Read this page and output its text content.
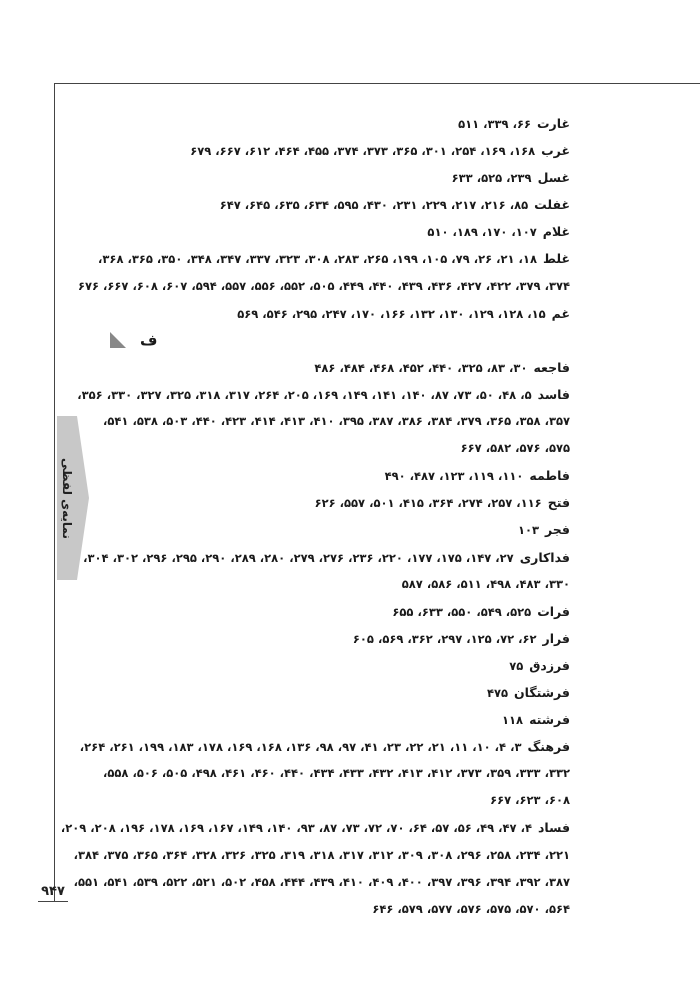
۹۴۷
نمایه‌ی لفظی
غارت۶۶، ۳۳۹، ۵۱۱
غرب۱۶۸، ۱۶۹، ۲۵۴، ۳۰۱، ۳۶۵، ۳۷۳، ۳۷۴، ۴۵۵، ۴۶۴، ۶۱۲، ۶۶۷، ۶۷۹
غسل۲۳۹، ۵۲۵، ۶۳۳
غفلت۸۵، ۲۱۶، ۲۱۷، ۲۲۹، ۲۳۱، ۴۳۰، ۵۹۵، ۶۳۴، ۶۳۵، ۶۴۵، ۶۴۷
غلام۱۰۷، ۱۷۰، ۱۸۹، ۵۱۰
غلط۱۸، ۲۱، ۲۶، ۷۹، ۱۰۵، ۱۹۹، ۲۶۵، ۲۸۳، ۳۰۸، ۳۲۳، ۳۳۷، ۳۴۷، ۳۴۸، ۳۵۰، ۳۶۵، ۳۶۸،
۳۷۴، ۳۷۹، ۴۲۲، ۴۲۷، ۴۳۶، ۴۳۹، ۴۴۰، ۴۴۹، ۵۰۵، ۵۵۲، ۵۵۶، ۵۵۷، ۵۹۴، ۶۰۷، ۶۰۸، ۶۶۷، ۶۷۶
غم۱۵، ۱۲۸، ۱۲۹، ۱۳۰، ۱۳۲، ۱۶۶، ۱۷۰، ۲۴۷، ۲۹۵، ۵۴۶، ۵۶۹
ف
فاجعه۳۰، ۸۳، ۳۲۵، ۴۴۰، ۴۵۲، ۴۶۸، ۴۸۴، ۴۸۶
فاسد۵، ۴۸، ۵۰، ۷۳، ۸۷، ۱۴۰، ۱۴۱، ۱۴۹، ۱۶۹، ۲۰۵، ۲۶۴، ۳۱۷، ۳۱۸، ۳۲۵، ۳۲۷، ۳۳۰، ۳۵۶،
۳۵۷، ۳۵۸، ۳۶۵، ۳۷۹، ۳۸۴، ۳۸۶، ۳۸۷، ۳۹۵، ۴۱۰، ۴۱۳، ۴۱۴، ۴۲۳، ۴۴۰، ۵۰۳، ۵۳۸، ۵۴۱،
۵۷۵، ۵۷۶، ۵۸۲، ۶۶۷
فاطمه۱۱۰، ۱۱۹، ۱۲۳، ۴۸۷، ۴۹۰
فتح۱۱۶، ۲۵۷، ۲۷۴، ۳۶۴، ۴۱۵، ۵۰۱، ۵۵۷، ۶۲۶
فجر۱۰۳
فداکاری۲۷، ۱۴۷، ۱۷۵، ۱۷۷، ۲۲۰، ۲۳۶، ۲۷۶، ۲۷۹، ۲۸۰، ۲۸۹، ۲۹۰، ۲۹۵، ۲۹۶، ۳۰۲، ۳۰۴،
۳۳۰، ۴۸۳، ۴۹۸، ۵۱۱، ۵۸۶، ۵۸۷
فرات۵۲۵، ۵۴۹، ۵۵۰، ۶۳۳، ۶۵۵
فرار۶۲، ۷۲، ۱۲۵، ۲۹۷، ۳۶۲، ۵۶۹، ۶۰۵
فرزدق۷۵
فرشتگان۴۷۵
فرشته۱۱۸
فرهنگ۳، ۴، ۱۰، ۱۱، ۲۱، ۲۲، ۲۳، ۴۱، ۹۷، ۹۸، ۱۳۶، ۱۶۸، ۱۶۹، ۱۷۸، ۱۸۳، ۱۹۹، ۲۶۱، ۲۶۴،
۳۳۲، ۳۳۳، ۳۵۹، ۳۷۳، ۴۱۲، ۴۱۳، ۴۳۲، ۴۳۳، ۴۳۴، ۴۴۰، ۴۶۰، ۴۶۱، ۴۹۸، ۵۰۵، ۵۰۶، ۵۵۸،
۶۰۸، ۶۲۳، ۶۶۷
فساد۴، ۴۷، ۴۹، ۵۶، ۵۷، ۶۴، ۷۰، ۷۲، ۷۳، ۸۷، ۹۳، ۱۴۰، ۱۴۹، ۱۶۷، ۱۶۹، ۱۷۸، ۱۹۶، ۲۰۸، ۲۰۹،
۲۲۱، ۲۳۴، ۲۵۸، ۲۹۶، ۳۰۸، ۳۰۹، ۳۱۲، ۳۱۷، ۳۱۸، ۳۱۹، ۳۲۵، ۳۲۶، ۳۲۸، ۳۶۴، ۳۶۵، ۳۷۵، ۳۸۴،
۳۸۷، ۳۹۲، ۳۹۴، ۳۹۶، ۳۹۷، ۴۰۰، ۴۰۹، ۴۱۰، ۴۳۹، ۴۴۴، ۴۵۸، ۵۰۲، ۵۲۱، ۵۲۲، ۵۳۹، ۵۴۱، ۵۵۱،
۵۶۴، ۵۷۰، ۵۷۵، ۵۷۶، ۵۷۷، ۵۷۹، ۶۴۶
